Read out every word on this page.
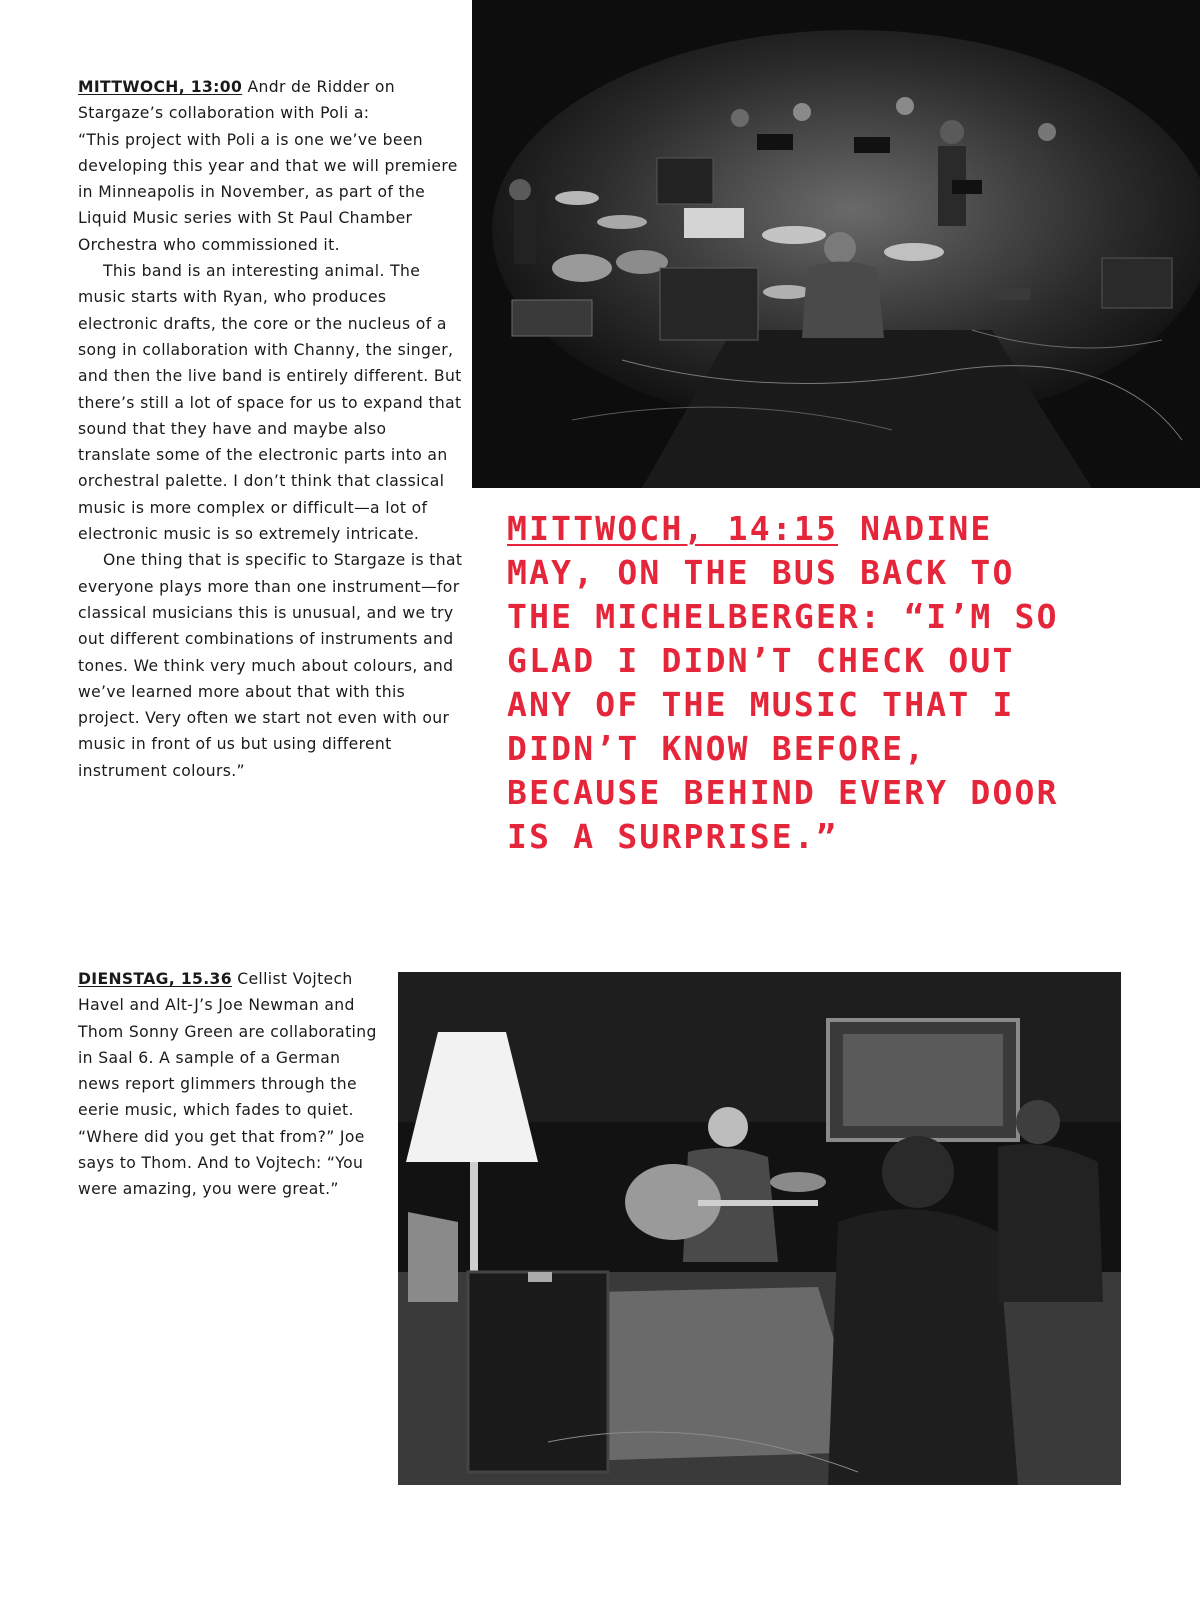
MITTWOCH, 13:00 Andr de Ridder on Stargaze’s collaboration with Poli a:

“This project with Poli a is one we’ve been developing this year and that we will premiere in Minneapolis in November, as part of the Liquid Music series with St Paul Chamber Orchestra who commissioned it.

This band is an interesting animal. The music starts with Ryan, who produces electronic drafts, the core or the nucleus of a song in collaboration with Channy, the singer, and then the live band is entirely different. But there’s still a lot of space for us to expand that sound that they have and maybe also translate some of the electronic parts into an orchestral palette. I don’t think that classical music is more complex or difficult—a lot of electronic music is so extremely intricate.

One thing that is specific to Stargaze is that everyone plays more than one instrument—for classical musicians this is unusual, and we try out different combinations of instruments and tones. We think very much about colours, and we’ve learned more about that with this project. Very often we start not even with our music in front of us but using different instrument colours.”

MITTWOCH, 14:15 NADINE MAY, ON THE BUS BACK TO THE MICHELBERGER: “I’M SO GLAD I DIDN’T CHECK OUT ANY OF THE MUSIC THAT I DIDN’T KNOW BEFORE, BECAUSE BEHIND EVERY DOOR IS A SURPRISE.”

DIENSTAG, 15.36 Cellist Vojtech Havel and Alt-J’s Joe Newman and Thom Sonny Green are collaborating in Saal 6. A sample of a German news report glimmers through the eerie music, which fades to quiet. “Where did you get that from?” Joe says to Thom. And to Vojtech: “You were amazing, you were great.”
